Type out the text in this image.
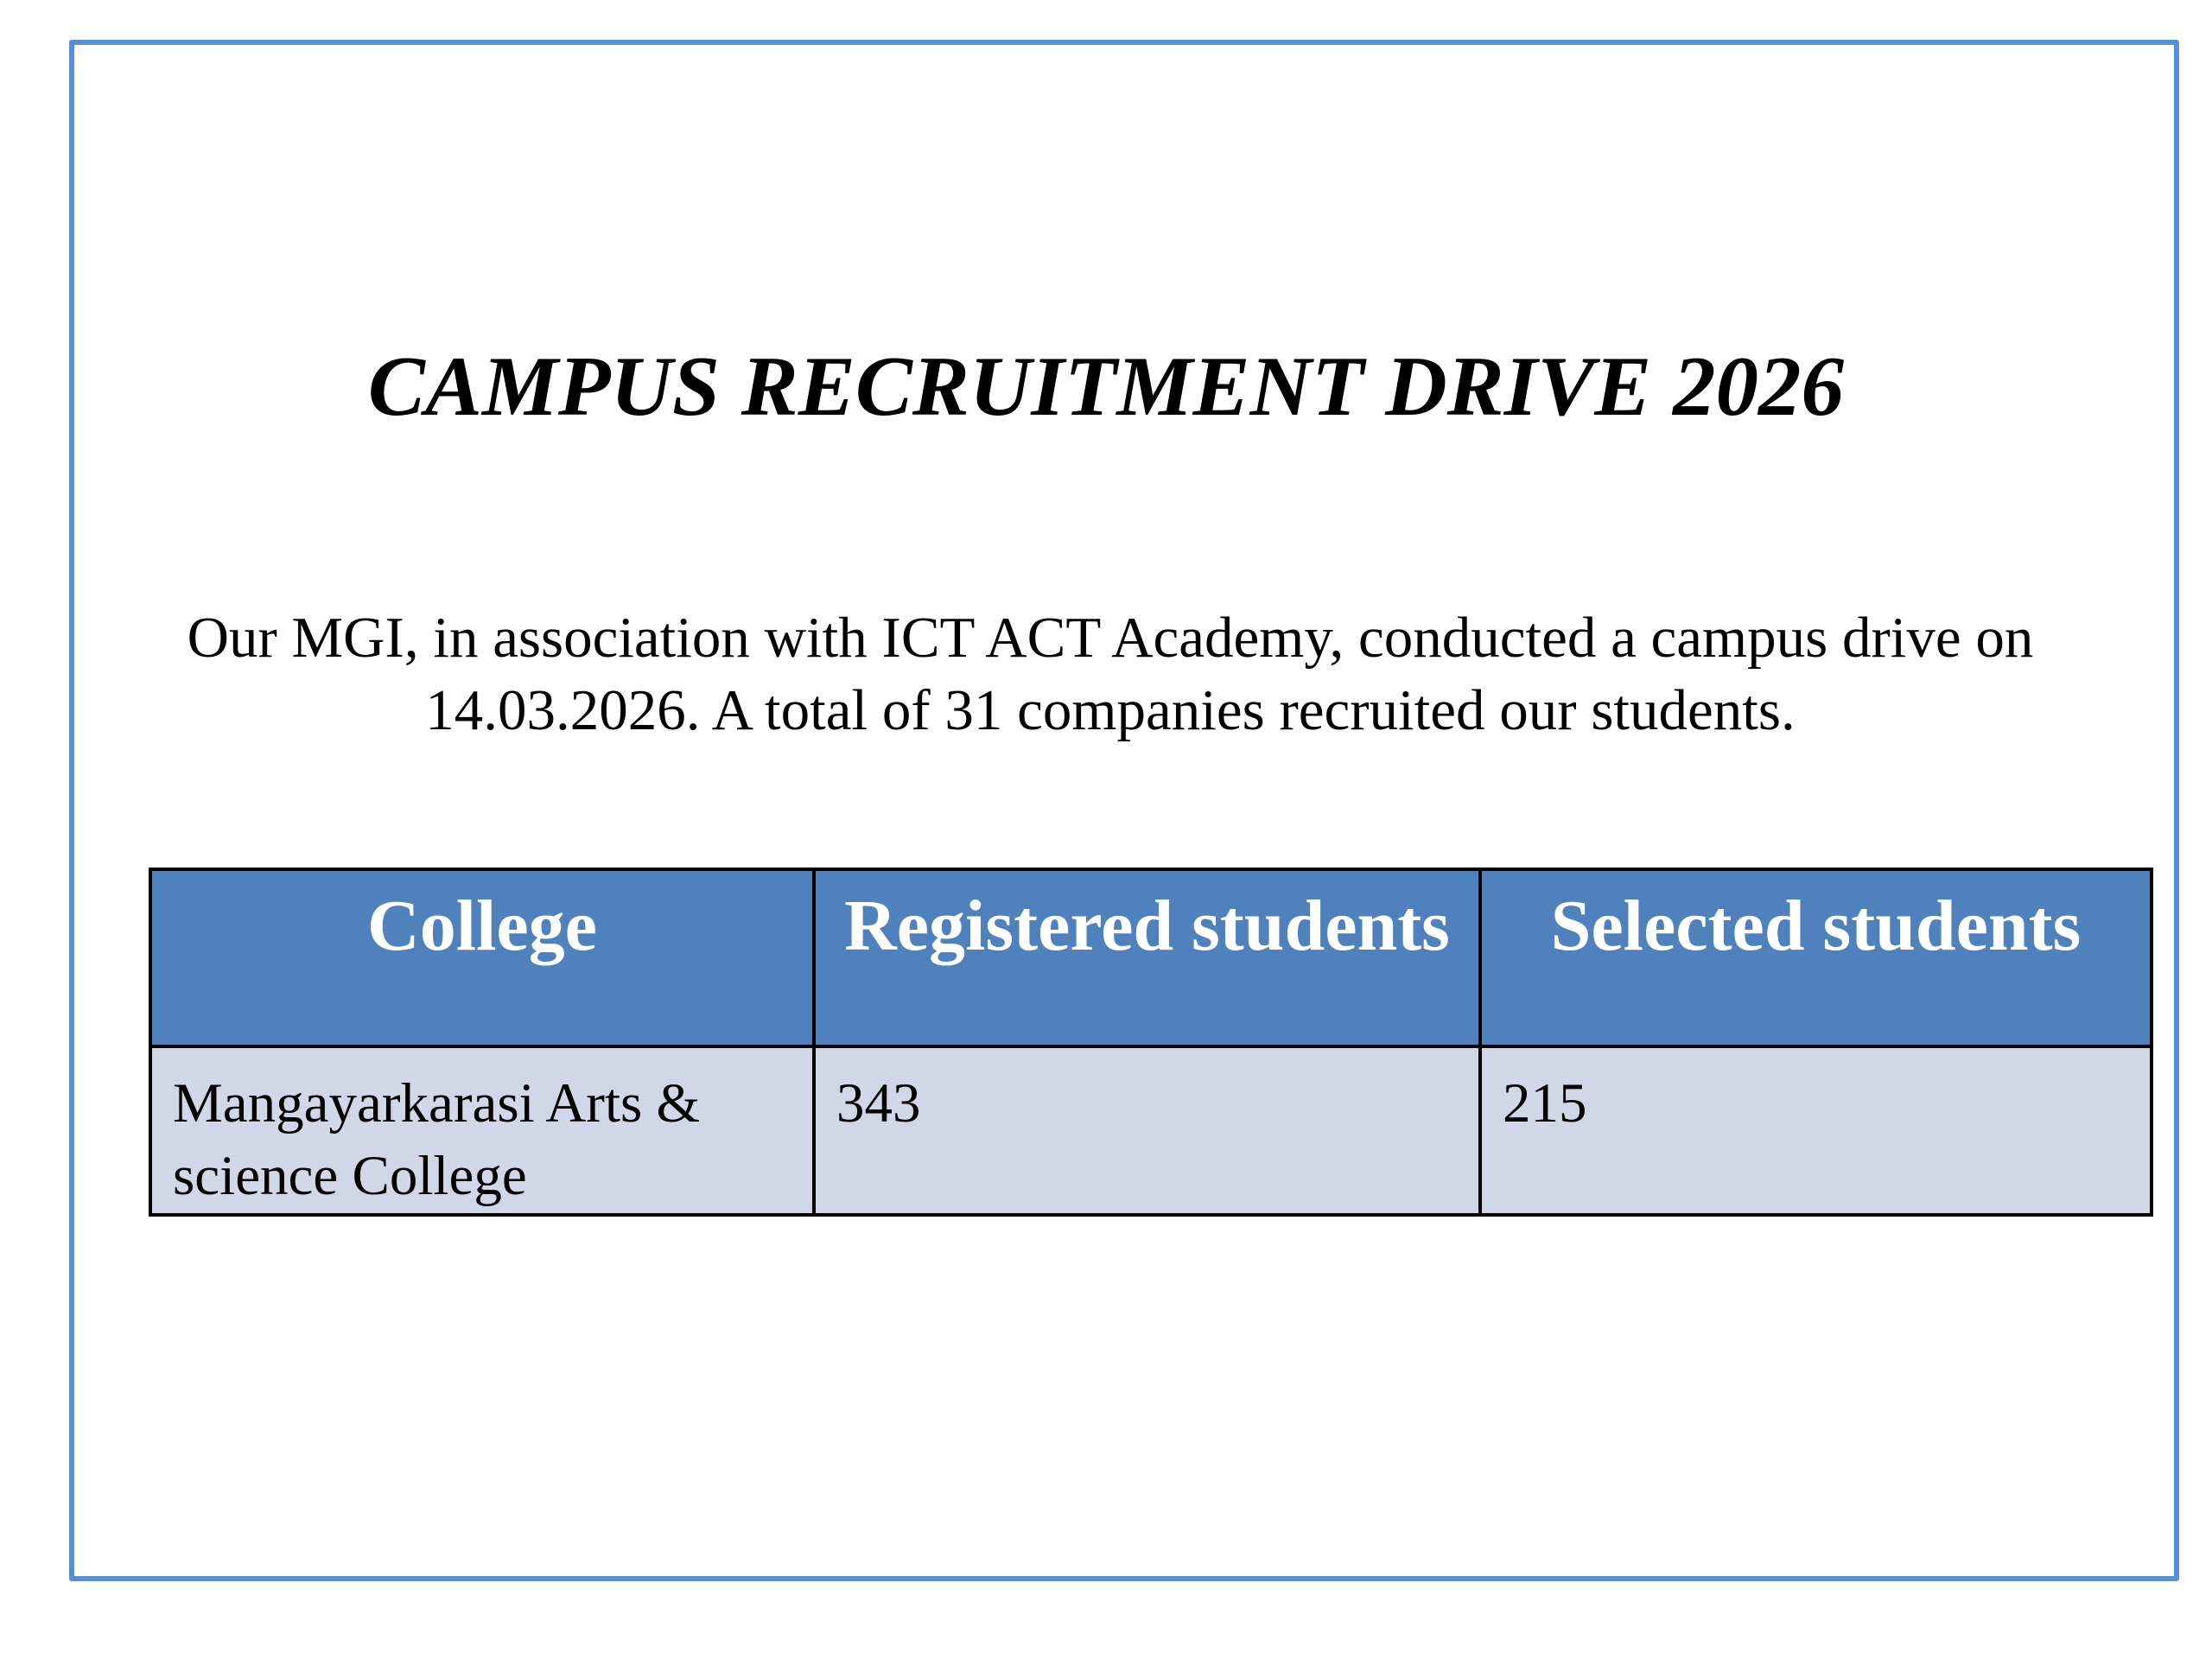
CAMPUS RECRUITMENT DRIVE 2026
Our MGI, in association with ICT ACT Academy, conducted a campus drive on 14.03.2026. A total of 31 companies recruited our students.
College	Registered students	Selected students
Mangayarkarasi Arts & science College	343	215
